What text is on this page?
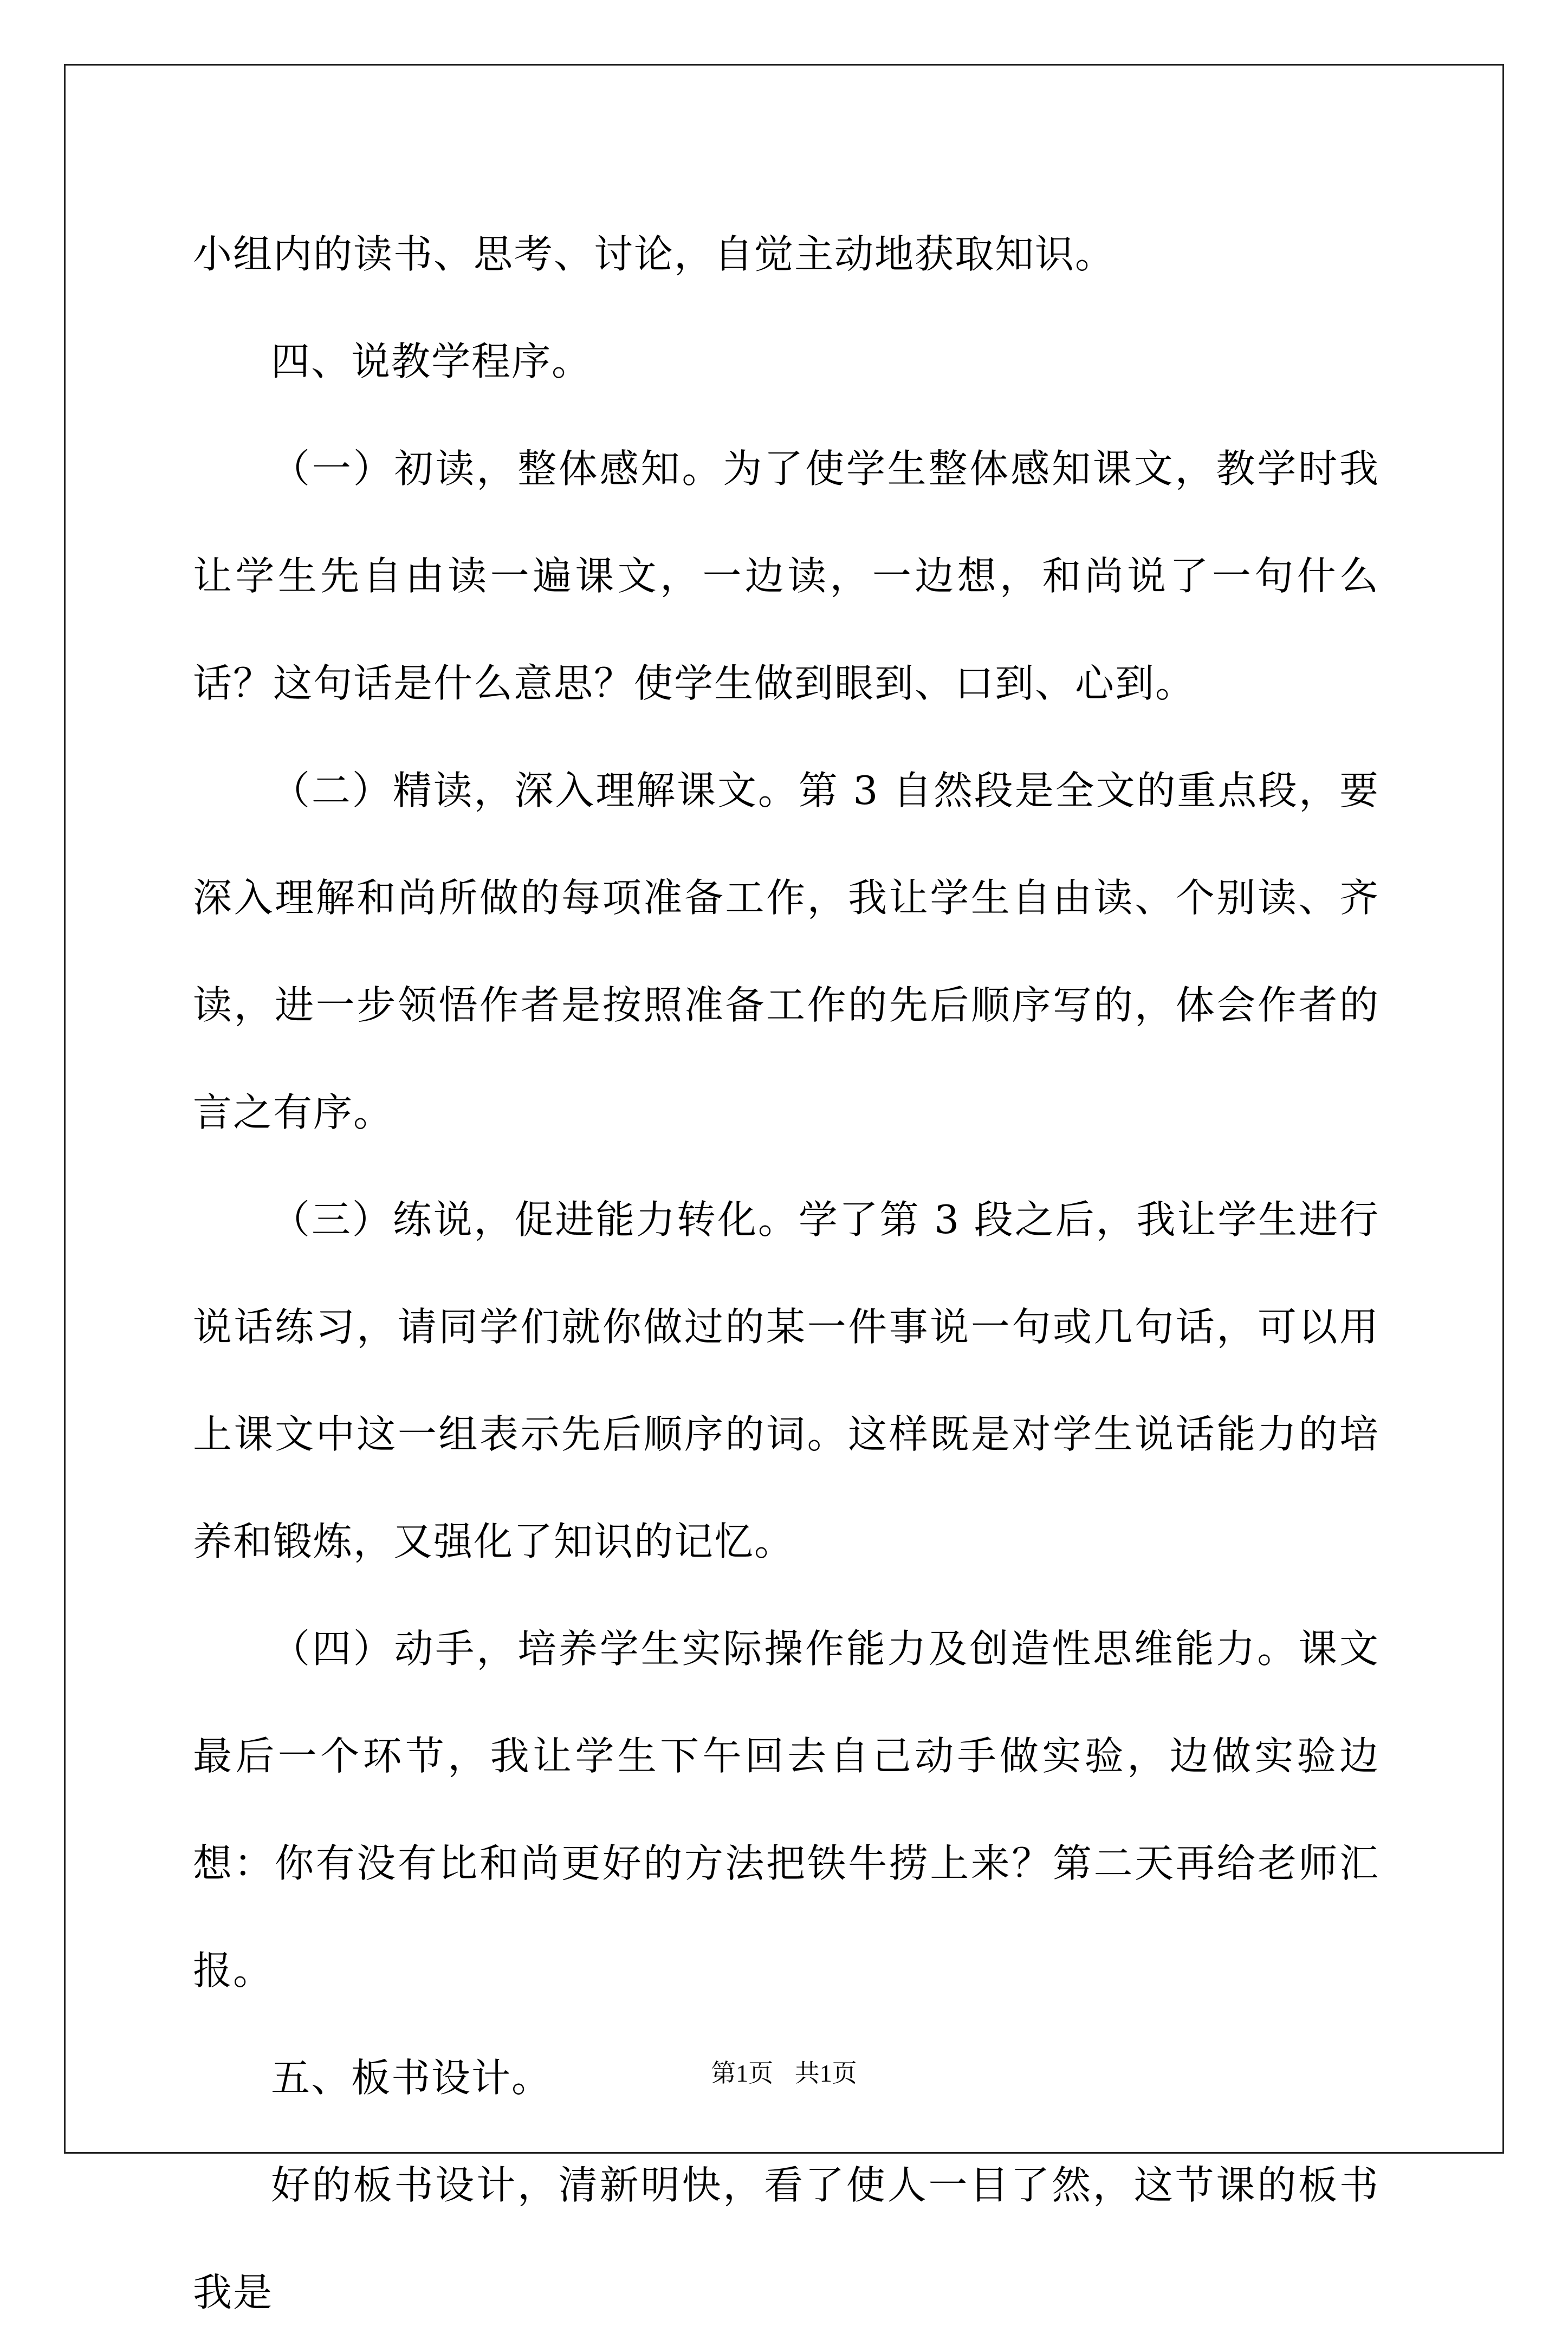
小组内的读书、思考、讨论，自觉主动地获取知识。

四、说教学程序。

（一）初读，整体感知。为了使学生整体感知课文，教学时我让学生先自由读一遍课文，一边读，一边想，和尚说了一句什么话？这句话是什么意思？使学生做到眼到、口到、心到。

（二）精读，深入理解课文。第 3 自然段是全文的重点段，要深入理解和尚所做的每项准备工作，我让学生自由读、个别读、齐读，进一步领悟作者是按照准备工作的先后顺序写的，体会作者的言之有序。

（三）练说，促进能力转化。学了第 3 段之后，我让学生进行说话练习，请同学们就你做过的某一件事说一句或几句话，可以用上课文中这一组表示先后顺序的词。这样既是对学生说话能力的培养和锻炼，又强化了知识的记忆。

（四）动手，培养学生实际操作能力及创造性思维能力。课文最后一个环节，我让学生下午回去自己动手做实验，边做实验边想：你有没有比和尚更好的方法把铁牛捞上来？第二天再给老师汇报。

五、板书设计。

好的板书设计，清新明快，看了使人一目了然，这节课的板书我是

第1页 共1页
